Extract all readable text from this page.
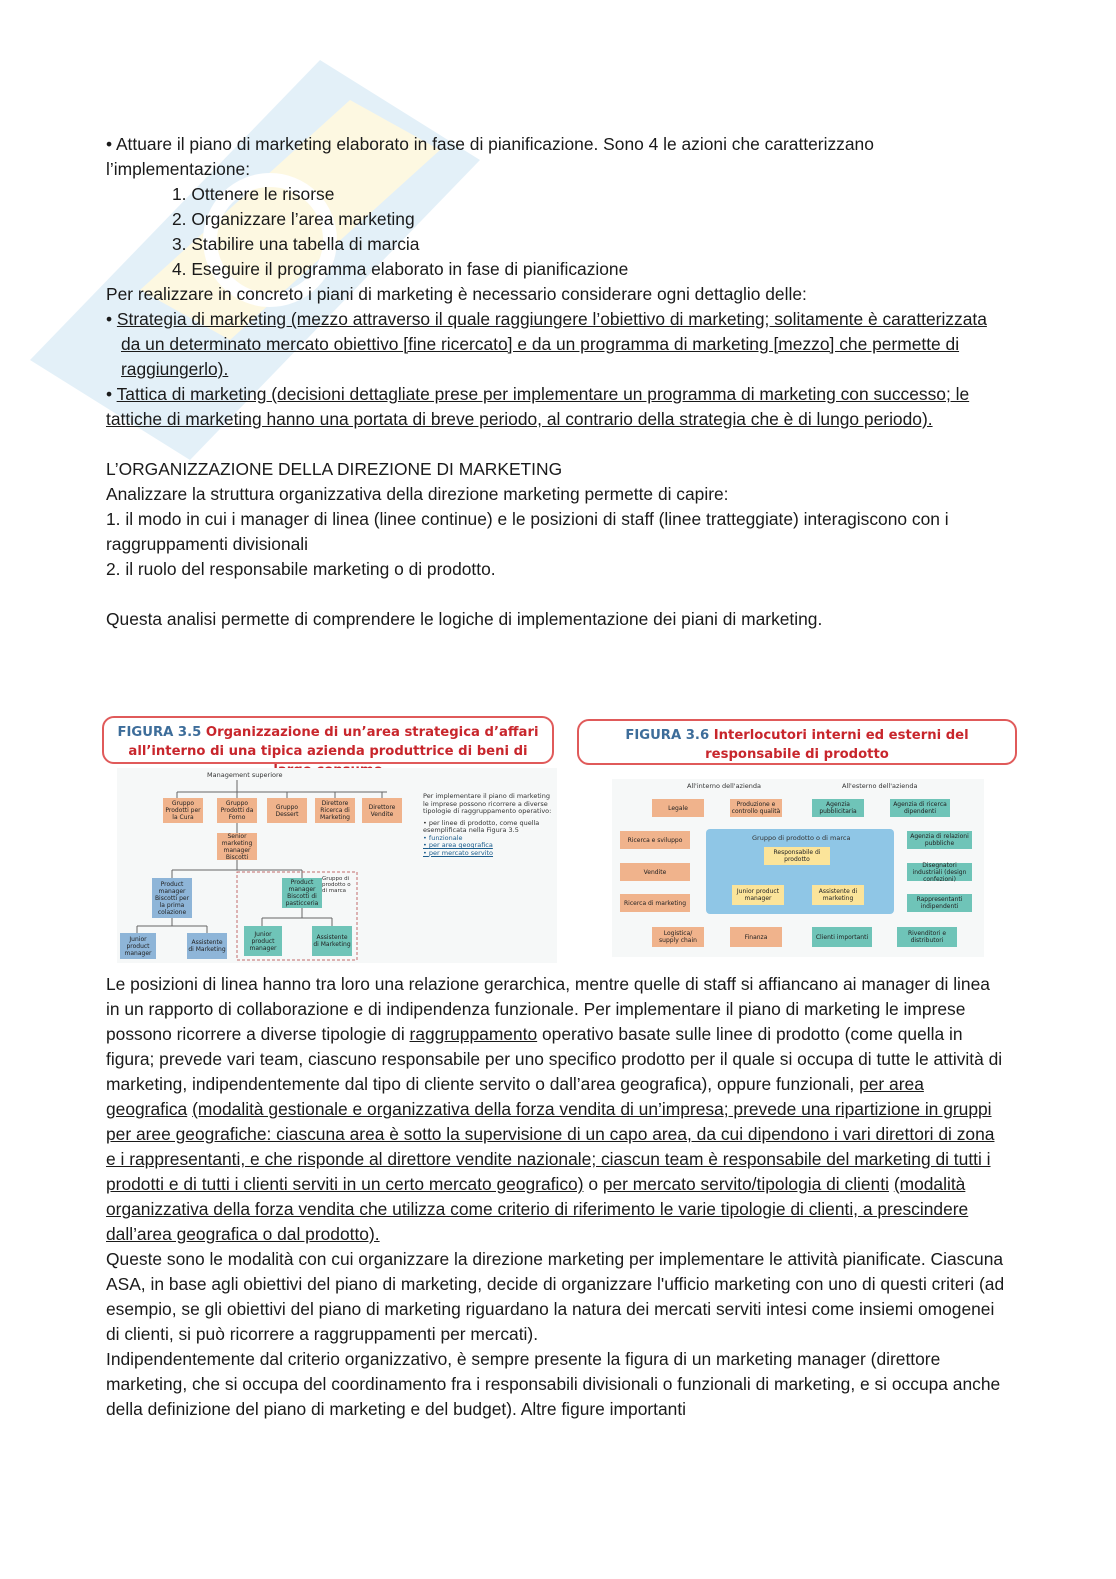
• Attuare il piano di marketing elaborato in fase di pianificazione. Sono 4 le azioni che caratterizzano l’implementazione:

1. Ottenere le risorse

2. Organizzare l’area marketing

3. Stabilire una tabella di marcia

4. Eseguire il programma elaborato in fase di pianificazione

Per realizzare in concreto i piani di marketing è necessario considerare ogni dettaglio delle:

• Strategia di marketing (mezzo attraverso il quale raggiungere l’obiettivo di marketing; solitamente è caratterizzata da un determinato mercato obiettivo [fine ricercato] e da un programma di marketing [mezzo] che permette di raggiungerlo).

• Tattica di marketing (decisioni dettagliate prese per implementare un programma di marketing con successo; le tattiche di marketing hanno una portata di breve periodo, al contrario della strategia che è di lungo periodo).

L’ORGANIZZAZIONE DELLA DIREZIONE DI MARKETING

Analizzare la struttura organizzativa della direzione marketing permette di capire:

1. il modo in cui i manager di linea (linee continue) e le posizioni di staff (linee tratteggiate) interagiscono con i raggruppamenti divisionali

2. il ruolo del responsabile marketing o di prodotto.

Questa analisi permette di comprendere le logiche di implementazione dei piani di marketing.

FIGURA 3.5 Organizzazione di un’area strategica d’affari all’interno di una tipica azienda produttrice di beni di
FIGURA 3.6 Interlocutori interni ed esterni del responsabile di prodotto
Management superiore
Gruppo Prodotti per la Cura
Gruppo Prodotti da Forno
Gruppo Dessert
Direttore Ricerca di Marketing
Direttore Vendite
Senior marketing manager Biscotti
Product manager Biscotti per la prima colazione
Product manager Biscotti di pasticceria
Gruppo di prodotto o di marca
Junior product manager
Assistente di Marketing
Junior product manager
Assistente di Marketing
Per implementare il piano di marketing le imprese possono ricorrere a diverse tipologie di raggruppamento operativo:
• per linee di prodotto, come quella esemplificata nella Figura 3.5
• funzionale
• per area geografica
• per mercato servito
All'interno dell'azienda	All'esterno dell'azienda
Legale	Produzione e controllo qualità
Agenzia pubblicitaria
Agenzia di ricerca dipendenti
Ricerca e sviluppo	Gruppo di prodotto o di marca
Responsabile di prodotto
Agenzia di relazioni pubbliche
Vendite
Disegnatori industriali (design confezioni)
Ricerca di marketing
Junior product manager
Assistente di marketing	Rappresentanti indipendenti
Logistica/ supply chain	Finanza	Clienti importanti	Rivenditori e distributori

Le posizioni di linea hanno tra loro una relazione gerarchica, mentre quelle di staff si affiancano ai manager di linea in un rapporto di collaborazione e di indipendenza funzionale. Per implementare il piano di marketing le imprese possono ricorrere a diverse tipologie di raggruppamento operativo basate sulle linee di prodotto (come quella in figura; prevede vari team, ciascuno responsabile per uno specifico prodotto per il quale si occupa di tutte le attività di marketing, indipendentemente dal tipo di cliente servito o dall’area geografica), oppure funzionali, per area geografica (modalità gestionale e organizzativa della forza vendita di un’impresa; prevede una ripartizione in gruppi per aree geografiche: ciascuna area è sotto la supervisione di un capo area, da cui dipendono i vari direttori di zona e i rappresentanti, e che risponde al direttore vendite nazionale; ciascun team è responsabile del marketing di tutti i prodotti e di tutti i clienti serviti in un certo mercato geografico) o per mercato servito/tipologia di clienti (modalità organizzativa della forza vendita che utilizza come criterio di riferimento le varie tipologie di clienti, a prescindere dall’area geografica o dal prodotto).

Queste sono le modalità con cui organizzare la direzione marketing per implementare le attività pianificate. Ciascuna ASA, in base agli obiettivi del piano di marketing, decide di organizzare l'ufficio marketing con uno di questi criteri (ad esempio, se gli obiettivi del piano di marketing riguardano la natura dei mercati serviti intesi come insiemi omogenei di clienti, si può ricorrere a raggruppamenti per mercati).

Indipendentemente dal criterio organizzativo, è sempre presente la figura di un marketing manager (direttore marketing, che si occupa del coordinamento fra i responsabili divisionali o funzionali di marketing, e si occupa anche della definizione del piano di marketing e del budget). Altre figure importanti
